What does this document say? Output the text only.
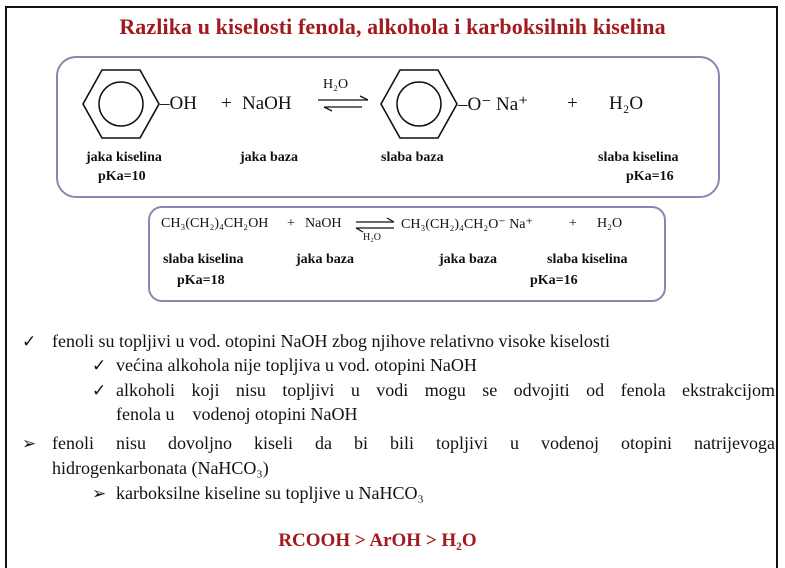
Razlika u kiselosti fenola, alkohola i karboksilnih kiselina
–OH + NaOH
H₂O
–O⁻ Na⁺ + H₂O
jaka kiselina
pKa=10
jaka baza	slaba baza	slaba kiselina
pKa=16
CH₃(CH₂)₄CH₂OH + NaOH ⇌
H₂O
CH₃(CH₂)₄CH₂O⁻ Na⁺	+ H₂O
slaba kiselina
pKa=18
jaka baza	jaka baza	slaba kiselina
pKa=16
✓ fenoli su topljivi u vod. otopini NaOH zbog njihove relativno visoke kiselosti
✓ većina alkohola nije topljiva u vod. otopini NaOH
✓ alkoholi koji nisu topljivi u vodi mogu se odvojiti od fenola ekstrakcijom
fenola u    vodenoj otopini NaOH
➢ fenoli nisu dovoljno kiseli da bi bili topljivi u vodenoj otopini natrijevoga
hidrogenkarbonata (NaHCO₃)
➢ karboksilne kiseline su topljive u NaHCO₃
RCOOH > ArOH > H₂O
